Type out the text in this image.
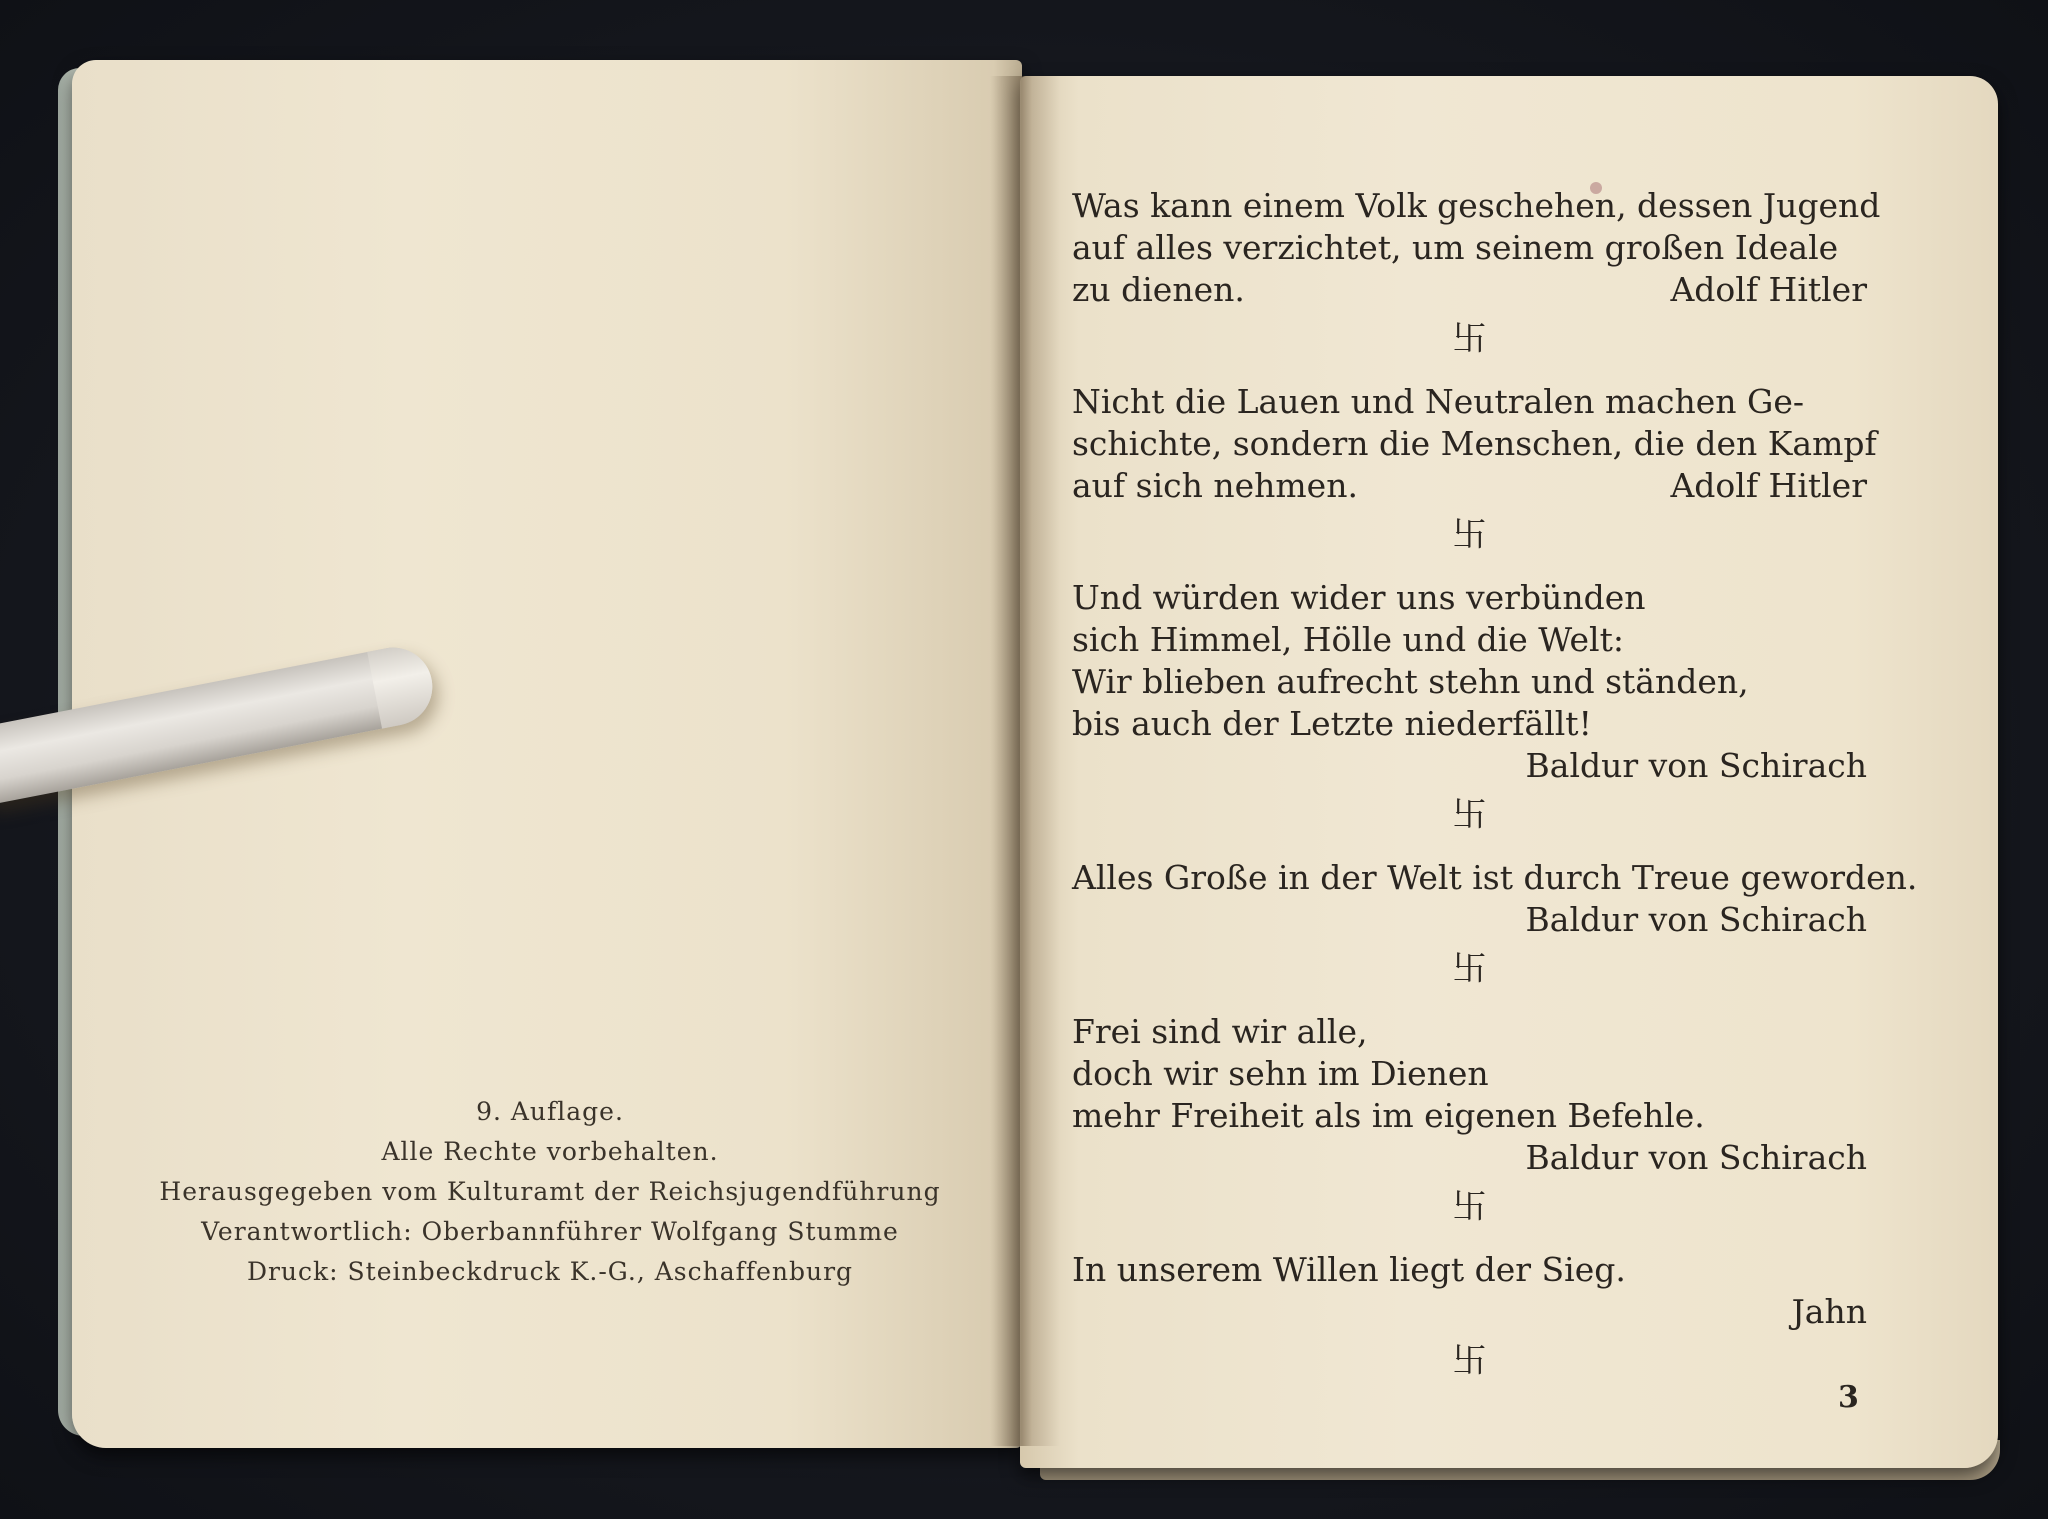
9. Auflage.
Alle Rechte vorbehalten.
Herausgegeben vom Kulturamt der Reichsjugendführung
Verantwortlich: Oberbannführer Wolfgang Stumme
Druck: Steinbeckdruck K.-G., Aschaffenburg
Was kann einem Volk geschehen, dessen Jugend
auf alles verzichtet, um seinem großen Ideale
zu dienen.	Adolf Hitler
卐
Nicht die Lauen und Neutralen machen Ge-
schichte, sondern die Menschen, die den Kampf
auf sich nehmen.	Adolf Hitler
卐
Und würden wider uns verbünden
sich Himmel, Hölle und die Welt:
Wir blieben aufrecht stehn und ständen,
bis auch der Letzte niederfällt!
Baldur von Schirach
卐
Alles Große in der Welt ist durch Treue geworden.
Baldur von Schirach
卐
Frei sind wir alle,
doch wir sehn im Dienen
mehr Freiheit als im eigenen Befehle.
Baldur von Schirach
卐
In unserem Willen liegt der Sieg.
Jahn
卐
3
